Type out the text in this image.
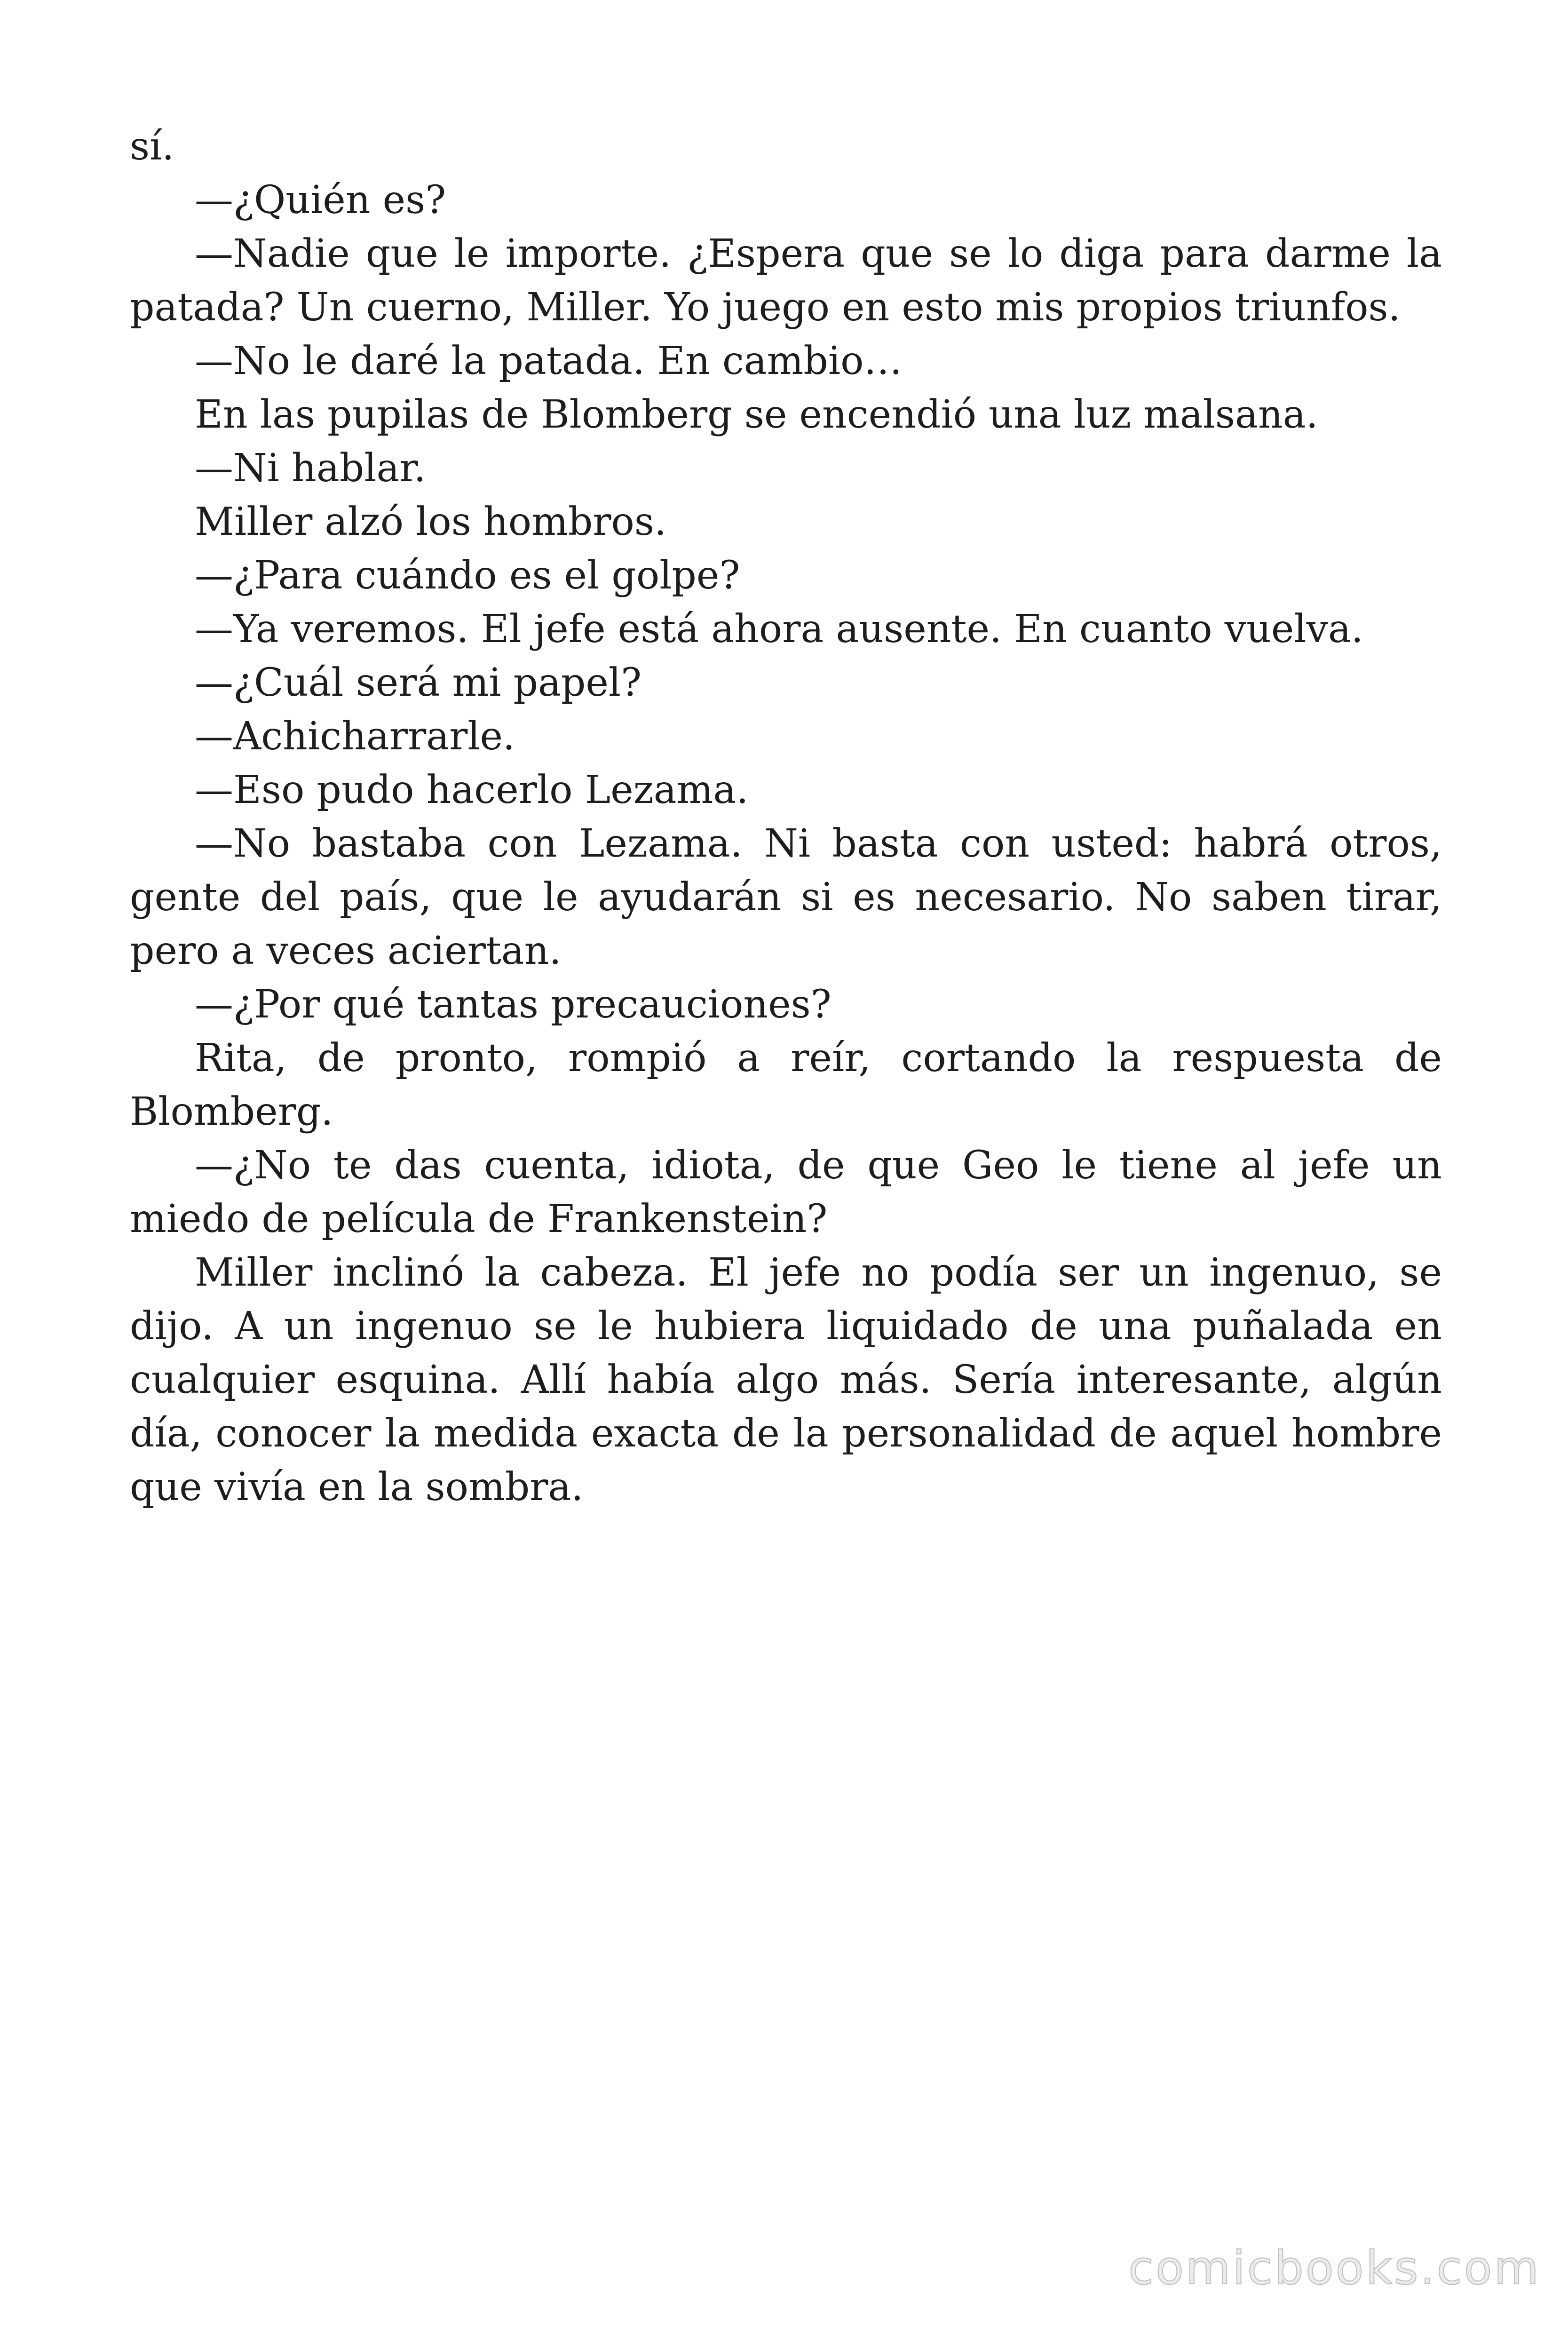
sí.

—¿Quién es?

—Nadie que le importe. ¿Espera que se lo diga para darme la patada? Un cuerno, Miller. Yo juego en esto mis propios triunfos.

—No le daré la patada. En cambio…

En las pupilas de Blomberg se encendió una luz malsana.

—Ni hablar.

Miller alzó los hombros.

—¿Para cuándo es el golpe?

—Ya veremos. El jefe está ahora ausente. En cuanto vuelva.

—¿Cuál será mi papel?

—Achicharrarle.

—Eso pudo hacerlo Lezama.

—No bastaba con Lezama. Ni basta con usted: habrá otros, gente del país, que le ayudarán si es necesario. No saben tirar, pero a veces aciertan.

—¿Por qué tantas precauciones?

Rita, de pronto, rompió a reír, cortando la respuesta de Blomberg.

—¿No te das cuenta, idiota, de que Geo le tiene al jefe un miedo de película de Frankenstein?

Miller inclinó la cabeza. El jefe no podía ser un ingenuo, se dijo. A un ingenuo se le hubiera liquidado de una puñalada en cualquier esquina. Allí había algo más. Sería interesante, algún día, conocer la medida exacta de la personalidad de aquel hombre que vivía en la sombra.

comicbooks.com
